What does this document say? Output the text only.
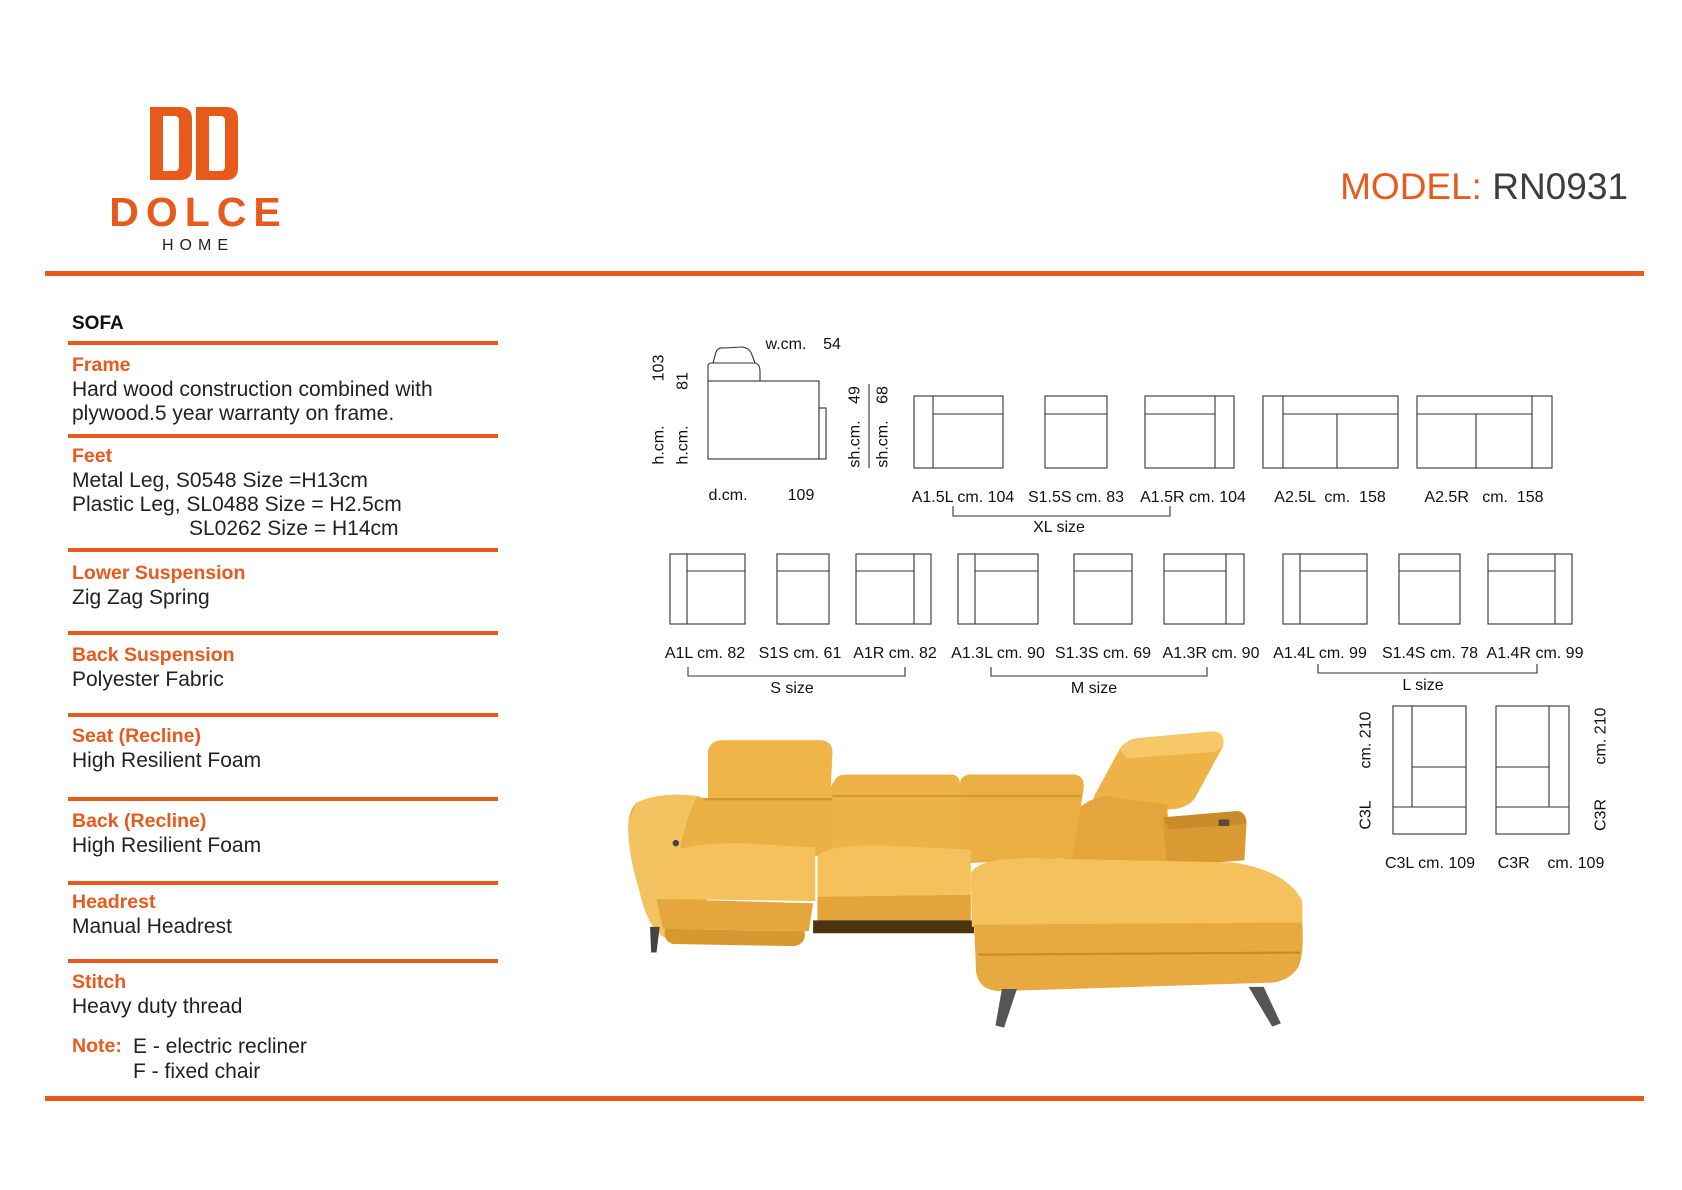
DOLCE
HOME
MODEL: RN0931
SOFA
Frame
Hard wood construction combined with
plywood.5 year warranty on frame.
Feet
Metal Leg, S0548 Size =H13cm
Plastic Leg, SL0488 Size = H2.5cm
SL0262 Size = H14cm
Lower Suspension
Zig Zag Spring
Back Suspension
Polyester Fabric
Seat (Recline)
High Resilient Foam
Back (Recline)
High Resilient Foam
Headrest
Manual Headrest
Stitch
Heavy duty thread
Note: E - electric recliner
F - fixed chair
103
h.cm.
81
h.cm.
w.cm. 54
d.cm.	109
49
sh.cm.
68
sh.cm.
A1.5L cm. 104 S1.5S cm. 83 A1.5R cm. 104 A2.5L  cm.  158 A2.5R   cm.  158
XL size
A1L cm. 82 S1S cm. 61 A1R cm. 82 A1.3L cm. 90 S1.3S cm. 69 A1.3R cm. 90 A1.4L cm. 99 S1.4S cm. 78 A1.4R cm. 99
S size	M size	L size
cm. 210
C3L
cm. 210
C3R
C3L cm. 109 C3R    cm. 109
